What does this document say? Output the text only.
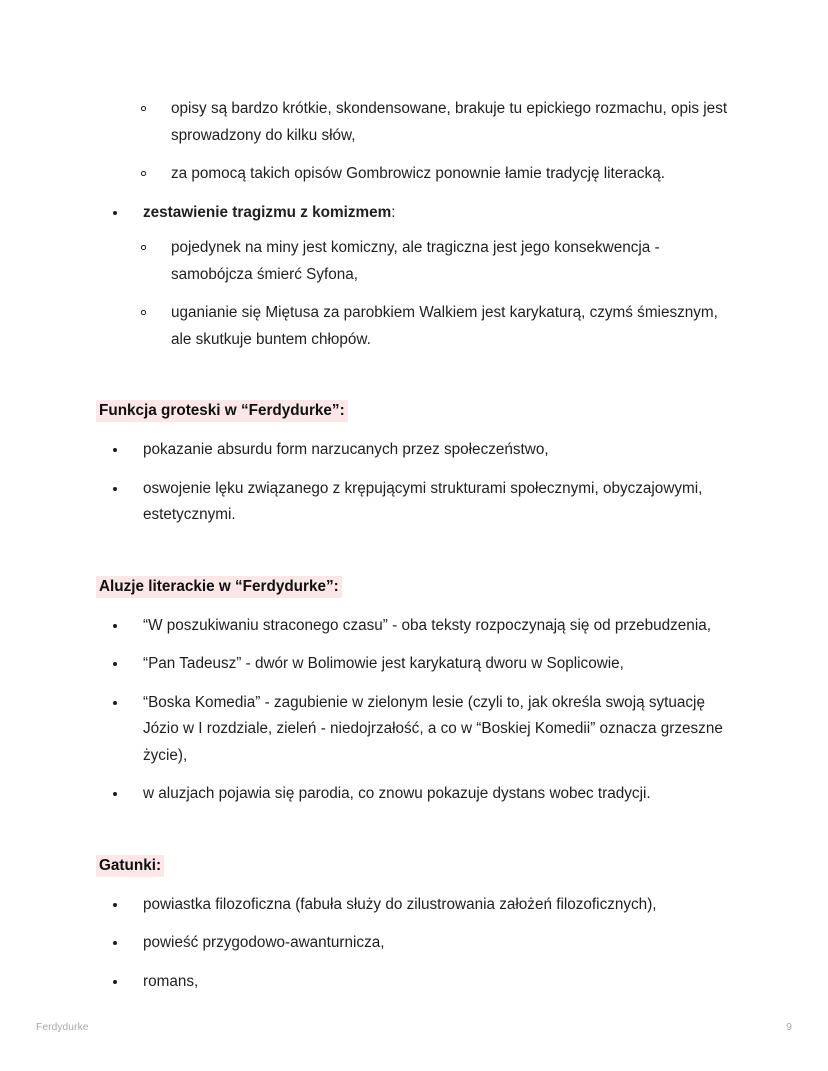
opisy są bardzo krótkie, skondensowane, brakuje tu epickiego rozmachu, opis jest sprowadzony do kilku słów,
za pomocą takich opisów Gombrowicz ponownie łamie tradycję literacką.
zestawienie tragizmu z komizmem:
pojedynek na miny jest komiczny, ale tragiczna jest jego konsekwencja - samobójcza śmierć Syfona,
uganianie się Miętusa za parobkiem Walkiem jest karykaturą, czymś śmiesznym, ale skutkuje buntem chłopów.
Funkcja groteski w “Ferdydurke”:
pokazanie absurdu form narzucanych przez społeczeństwo,
oswojenie lęku związanego z krępującymi strukturami społecznymi, obyczajowymi, estetycznymi.
Aluzje literackie w “Ferdydurke”:
“W poszukiwaniu straconego czasu” - oba teksty rozpoczynają się od przebudzenia,
“Pan Tadeusz” - dwór w Bolimowie jest karykaturą dworu w Soplicowie,
“Boska Komedia” - zagubienie w zielonym lesie (czyli to, jak określa swoją sytuację Józio w I rozdziale, zieleń - niedojrzałość, a co w “Boskiej Komedii” oznacza grzeszne życie),
w aluzjach pojawia się parodia, co znowu pokazuje dystans wobec tradycji.
Gatunki:
powiastka filozoficzna (fabuła służy do zilustrowania założeń filozoficznych),
powieść przygodowo-awanturnicza,
romans,
Ferdydurke	9
